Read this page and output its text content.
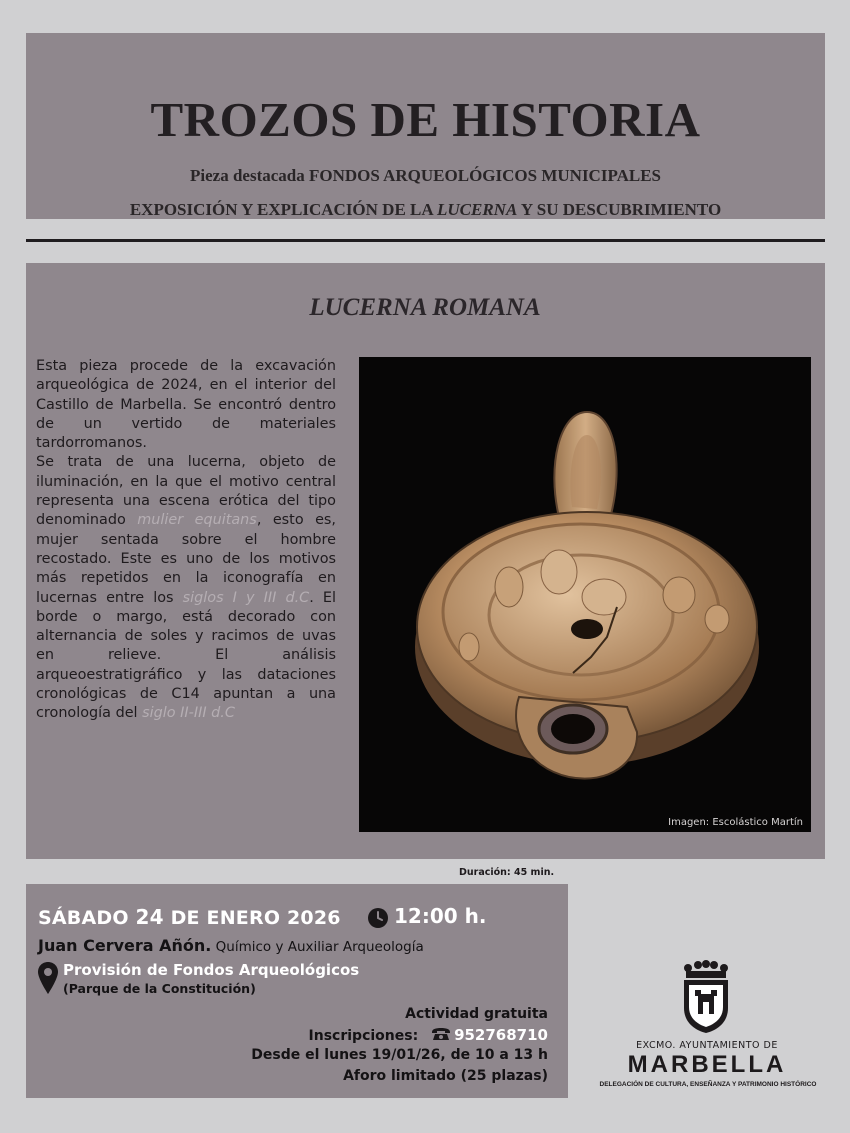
TROZOS DE HISTORIA
Pieza destacada FONDOS ARQUEOLÓGICOS MUNICIPALES
EXPOSICIÓN Y EXPLICACIÓN DE LA LUCERNA Y SU DESCUBRIMIENTO
LUCERNA ROMANA
Esta pieza procede de la excavación arqueológica de 2024, en el interior del Castillo de Marbella. Se encontró dentro de un vertido de materiales tardorromanos.
Se trata de una lucerna, objeto de iluminación, en la que el motivo central representa una escena erótica del tipo denominado mulier equitans, esto es, mujer sentada sobre el hombre recostado. Este es uno de los motivos más repetidos en la iconografía en lucernas entre los siglos I y III d.C. El borde o margo, está decorado con alternancia de soles y racimos de uvas en relieve. El análisis arqueoestratigráfico y las dataciones cronológicas de C14 apuntan a una cronología del siglo II-III d.C
Imagen: Escolástico Martín
Duración: 45 min.
SÁBADO 24 DE ENERO 2026	12:00 h.
Juan Cervera Añón. Químico y Auxiliar Arqueología
Provisión de Fondos Arqueológicos
(Parque de la Constitución)
Actividad gratuita
Inscripciones: 952768710
Desde el lunes 19/01/26, de 10 a 13 h
Aforo limitado (25 plazas)
EXCMO. AYUNTAMIENTO DE
MARBELLA
DELEGACIÓN DE CULTURA, ENSEÑANZA Y PATRIMONIO HISTÓRICO
